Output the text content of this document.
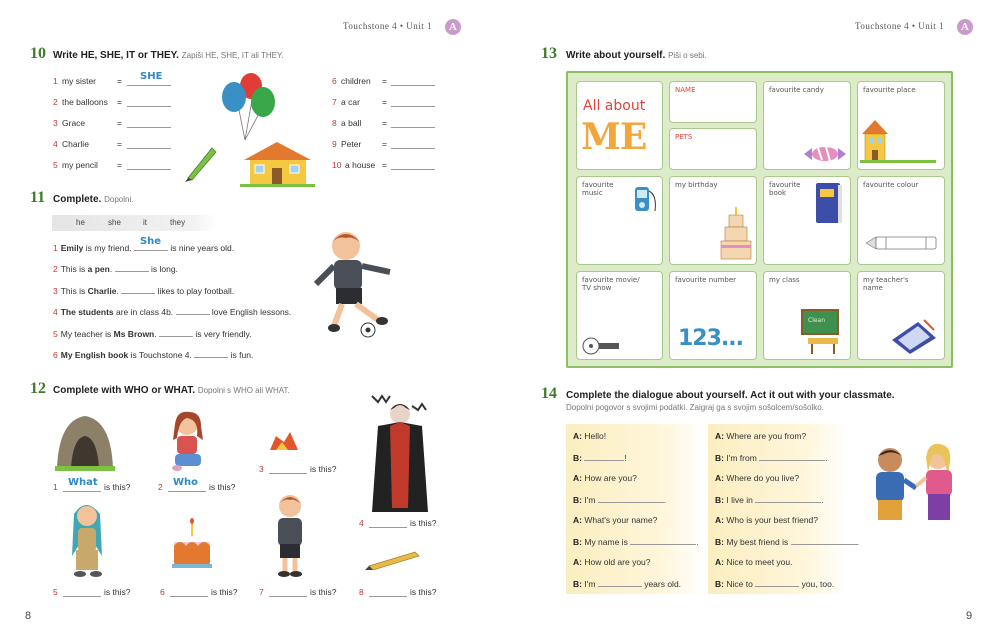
Touchstone 4 • Unit 1	A	Touchstone 4 • Unit 1	A
10 Write HE, SHE, IT or THEY. Zapiši HE, SHE, IT ali THEY.
1 my sister = SHE
2 the balloons =
3 Grace	=
4 Charlie	=
5 my pencil =
6 children =
7 a car	=
8 a ball =
9 Peter =
10 a house =
11 Complete. Dopolni.
he	she	it	they
1 Emily is my friend.
She
is nine years old.
2 This is a pen.	is long.
3 This is Charlie.	likes to play football.
4 The students are in class 4b.	love English lessons.
5 My teacher is Ms Brown.	is very friendly.
6 My English book is Touchstone 4.	is fun.
12 Complete with WHO or WHAT. Dopolni s WHO ali WHAT.
1 What is this?	2 Who is this?
3	is this?
4	is this?
5	is this?	6	is this?	7	is this?	8	is this?
13 Write about yourself. Piši o sebi.
All about
ME
NAME
PETS
favourite candy	favourite place
favourite
music
my birthday	favourite
book
favourite colour
favourite movie/
TV show
favourite number
123...
my class
Clean
my teacher's
name
14 Complete the dialogue about yourself. Act it out with your classmate.
Dopolni pogovor s svojimi podatki. Zaigraj ga s svojim sošolcem/sošolko.
A: Hello!
B:	!
A: How are you?
B: I'm	.
A: What's your name?
B: My name is	.
A: How old are you?
B: I'm	years old.
A: Where are you from?
B: I'm from	.
A: Where do you live?
B: I live in	.
A: Who is your best friend?
B: My best friend is	.
A: Nice to meet you.
B: Nice to	you, too.
8	9
